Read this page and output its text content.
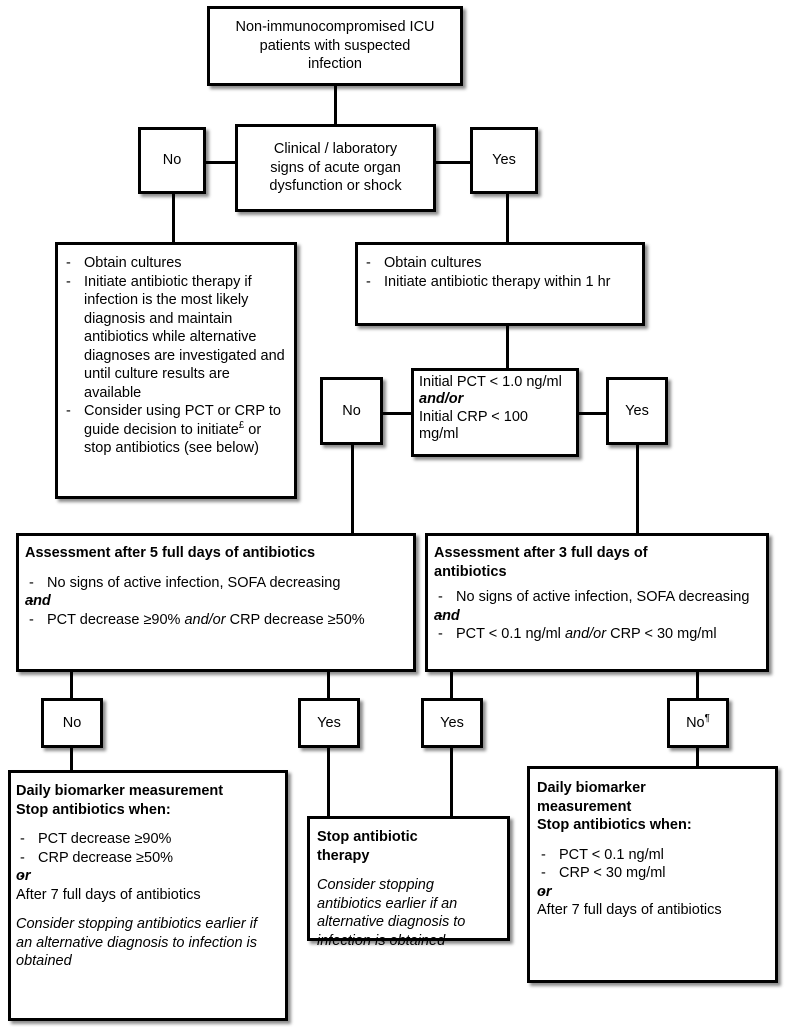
Non-immunocompromised ICU
patients with suspected
infection
Clinical / laboratory
signs of acute organ
dysfunction or shock
No	Yes
- Obtain cultures
- Initiate antibiotic therapy if infection is the most likely diagnosis and maintain antibiotics while alternative diagnoses are investigated and until culture results are available
- Consider using PCT or CRP to guide decision to initiate£ or stop antibiotics (see below)
- Obtain cultures
- Initiate antibiotic therapy within 1 hr
Initial PCT < 1.0 ng/ml
and/or
Initial CRP < 100 mg/ml
No	Yes
Assessment after 5 full days of antibiotics
- No signs of active infection, SOFA decreasing
- and
- PCT decrease ≥90% and/or CRP decrease ≥50%
Assessment after 3 full days of antibiotics
- No signs of active infection, SOFA decreasing
- and
- PCT < 0.1 ng/ml and/or CRP < 30 mg/ml
No	Yes	Yes	No¶
Daily biomarker measurement
Stop antibiotics when:
- PCT decrease ≥90%
- CRP decrease ≥50%
- or
- After 7 full days of antibiotics
Consider stopping antibiotics earlier if an alternative diagnosis to infection is obtained
Stop antibiotic
therapy
Consider stopping antibiotics earlier if an alternative diagnosis to infection is obtained
Daily biomarker
measurement
Stop antibiotics when:
- PCT < 0.1 ng/ml
- CRP < 30 mg/ml
- or
- After 7 full days of antibiotics
